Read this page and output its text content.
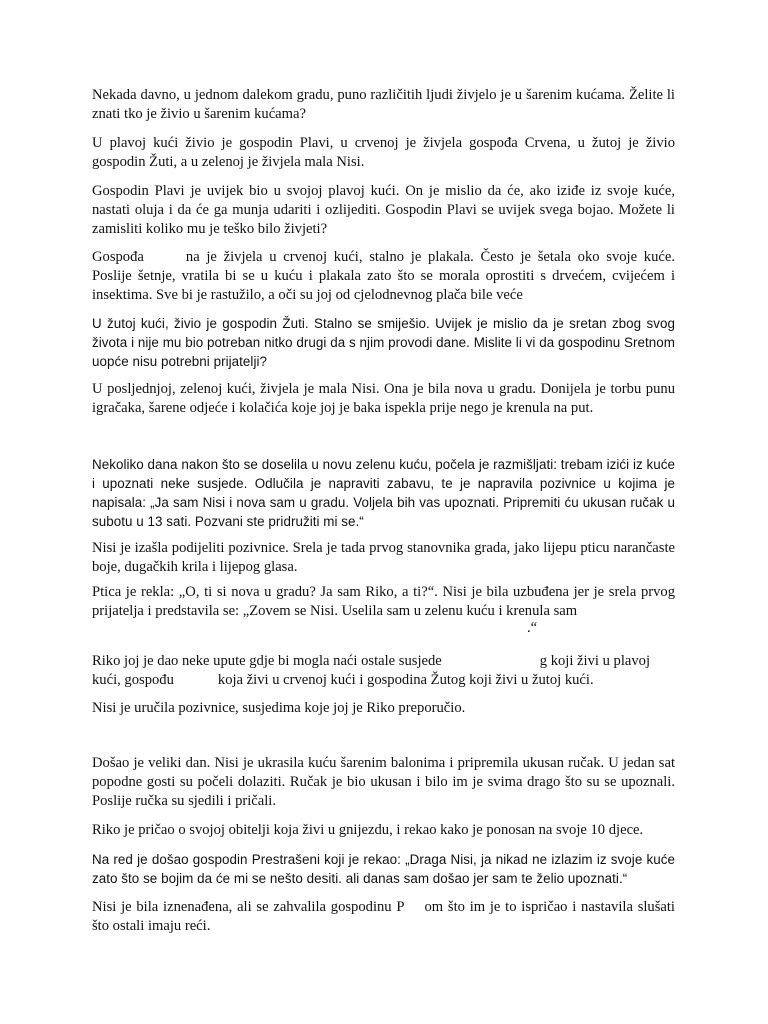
Nekada davno, u jednom dalekom gradu, puno različitih ljudi živjelo je u šarenim kućama. Želite li znati tko je živio u šarenim kućama?

U plavoj kući živio je gospodin Plavi, u crvenoj je živjela gospođa Crvena, u žutoj je živio gospodin Žuti, a u zelenoj je živjela mala Nisi.

Gospodin Plavi je uvijek bio u svojoj plavoj kući. On je mislio da će, ako iziđe iz svoje kuće, nastati oluja i da će ga munja udariti i ozlijediti. Gospodin Plavi se uvijek svega bojao. Možete li zamisliti koliko mu je teško bilo živjeti?

Gospođa	na je živjela u crvenoj kući, stalno je plakala. Često je šetala oko svoje kuće. Poslije šetnje, vratila bi se u kuću i plakala zato što se morala oprostiti s drvećem, cvijećem i insektima. Sve bi je rastužilo, a oči su joj od cjelodnevnog plača bile veće

U žutoj kući, živio je gospodin Žuti. Stalno se smiješio. Uvijek je mislio da je sretan zbog svog života i nije mu bio potreban nitko drugi da s njim provodi dane. Mislite li vi da gospodinu Sretnom uopće nisu potrebni prijatelji?

U posljednjoj, zelenoj kući, živjela je mala Nisi. Ona je bila nova u gradu. Donijela je torbu punu igračaka, šarene odjeće i kolačića koje joj je baka ispekla prije nego je krenula na put.

Nekoliko dana nakon što se doselila u novu zelenu kuću, počela je razmišljati: trebam izići iz kuće i upoznati neke susjede. Odlučila je napraviti zabavu, te je napravila pozivnice u kojima je napisala: „Ja sam Nisi i nova sam u gradu. Voljela bih vas upoznati. Pripremiti ću ukusan ručak u subotu u 13 sati. Pozvani ste pridružiti mi se.“

Nisi je izašla podijeliti pozivnice. Srela je tada prvog stanovnika grada, jako lijepu pticu narančaste boje, dugačkih krila i lijepog glasa.

Ptica je rekla: „O, ti si nova u gradu? Ja sam Riko, a ti?“. Nisi je bila uzbuđena jer je srela prvog prijatelja i predstavila se: „Zovem se Nisi. Uselila sam u zelenu kuću i krenula sam

.“

Riko joj je dao neke upute gdje bi mogla naći ostale susjede	g koji živi u plavoj
kući, gospođu	koja živi u crvenoj kući i gospodina Žutog koji živi u žutoj kući.

Nisi je uručila pozivnice, susjedima koje joj je Riko preporučio.

Došao je veliki dan. Nisi je ukrasila kuću šarenim balonima i pripremila ukusan ručak. U jedan sat popodne gosti su počeli dolaziti. Ručak je bio ukusan i bilo im je svima drago što su se upoznali. Poslije ručka su sjedili i pričali.

Riko je pričao o svojoj obitelji koja živi u gnijezdu, i rekao kako je ponosan na svoje 10 djece.

Na red je došao gospodin Prestrašeni koji je rekao: „Draga Nisi, ja nikad ne izlazim iz svoje kuće zato što se bojim da će mi se nešto desiti. ali danas sam došao jer sam te želio upoznati.“

Nisi je bila iznenađena, ali se zahvalila gospodinu P om što im je to ispričao i nastavila slušati što ostali imaju reći.
